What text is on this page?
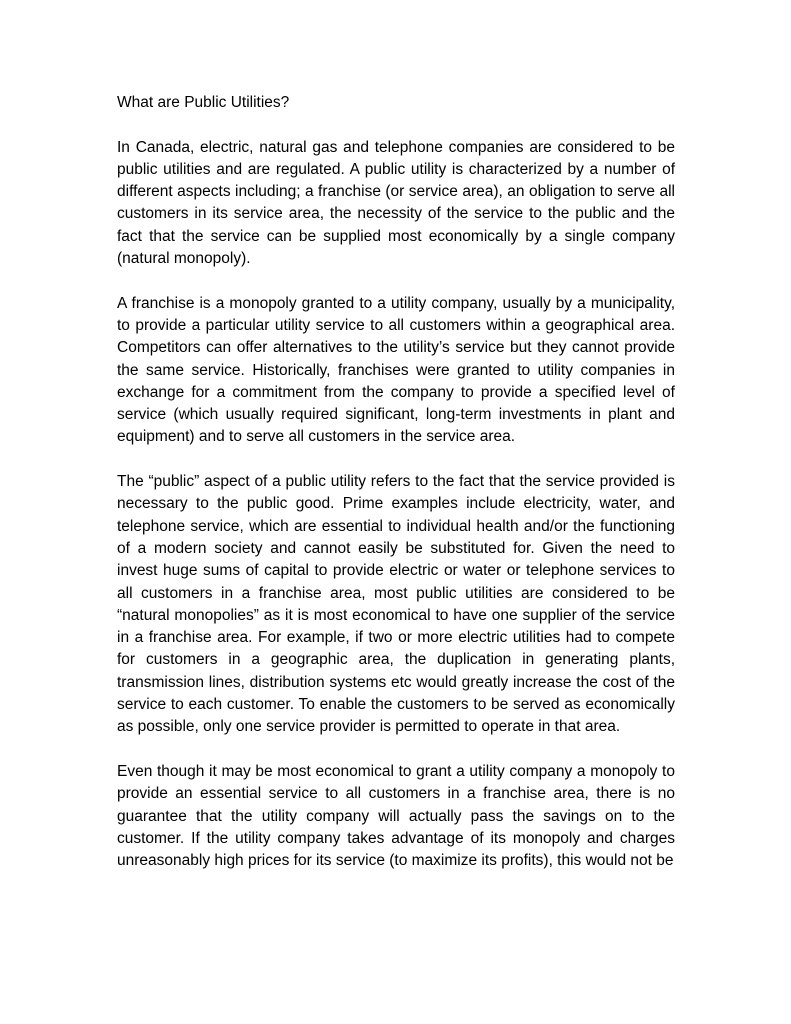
What are Public Utilities?

In Canada, electric, natural gas and telephone companies are considered to be public utilities and are regulated. A public utility is characterized by a number of different aspects including; a franchise (or service area), an obligation to serve all customers in its service area, the necessity of the service to the public and the fact that the service can be supplied most economically by a single company (natural monopoly).

A franchise is a monopoly granted to a utility company, usually by a municipality, to provide a particular utility service to all customers within a geographical area. Competitors can offer alternatives to the utility’s service but they cannot provide the same service. Historically, franchises were granted to utility companies in exchange for a commitment from the company to provide a specified level of service (which usually required significant, long-term investments in plant and equipment) and to serve all customers in the service area.

The “public” aspect of a public utility refers to the fact that the service provided is necessary to the public good. Prime examples include electricity, water, and telephone service, which are essential to individual health and/or the functioning of a modern society and cannot easily be substituted for. Given the need to invest huge sums of capital to provide electric or water or telephone services to all customers in a franchise area, most public utilities are considered to be “natural monopolies” as it is most economical to have one supplier of the service in a franchise area. For example, if two or more electric utilities had to compete for customers in a geographic area, the duplication in generating plants, transmission lines, distribution systems etc would greatly increase the cost of the service to each customer. To enable the customers to be served as economically as possible, only one service provider is permitted to operate in that area.

Even though it may be most economical to grant a utility company a monopoly to provide an essential service to all customers in a franchise area, there is no guarantee that the utility company will actually pass the savings on to the customer. If the utility company takes advantage of its monopoly and charges unreasonably high prices for its service (to maximize its profits), this would not be
